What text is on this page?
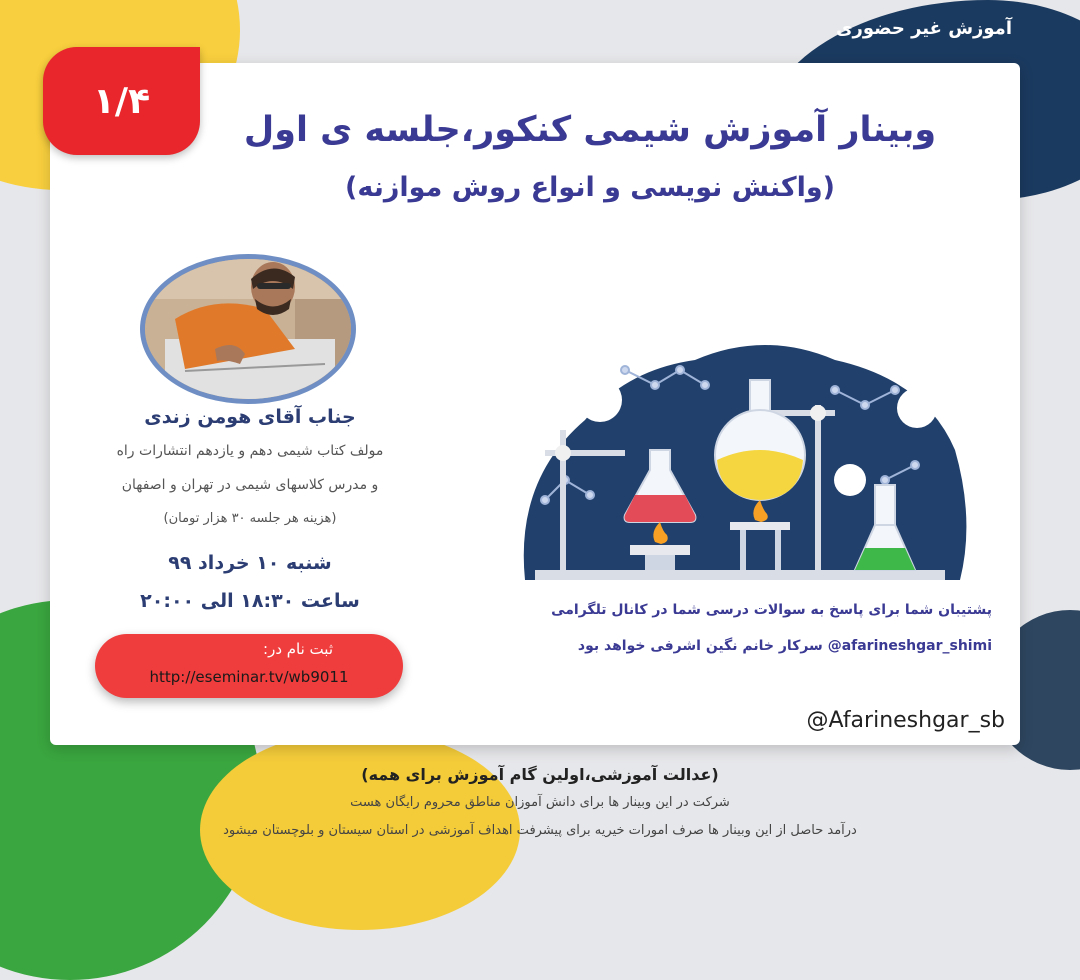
آموزش غیر حضوری
۱/۴
وبینار آموزش شیمی کنکور،جلسه ی اول
(واکنش نویسی و انواع روش موازنه)
جناب آقای هومن زندی
مولف کتاب شیمی دهم و یازدهم انتشارات راه
و مدرس کلاسهای شیمی در تهران و اصفهان
(هزینه هر جلسه ۳۰ هزار تومان)
شنبه ۱۰ خرداد ۹۹
ساعت ۱۸:۳۰ الی ۲۰:۰۰
ثبت نام در:
http://eseminar.tv/wb9011
پشتیبان شما برای پاسخ به سوالات درسی شما در کانال تلگرامی
@afarineshgar_shimi سرکار خانم نگین اشرفی خواهد بود
@Afarineshgar_sb
(عدالت آموزشی،اولین گام آموزش برای همه)
شرکت در این وبینار ها برای دانش آموزان مناطق محروم رایگان هست
درآمد حاصل از این وبینار ها صرف امورات خیریه برای پیشرفت اهداف آموزشی در استان سیستان و بلوچستان میشود
